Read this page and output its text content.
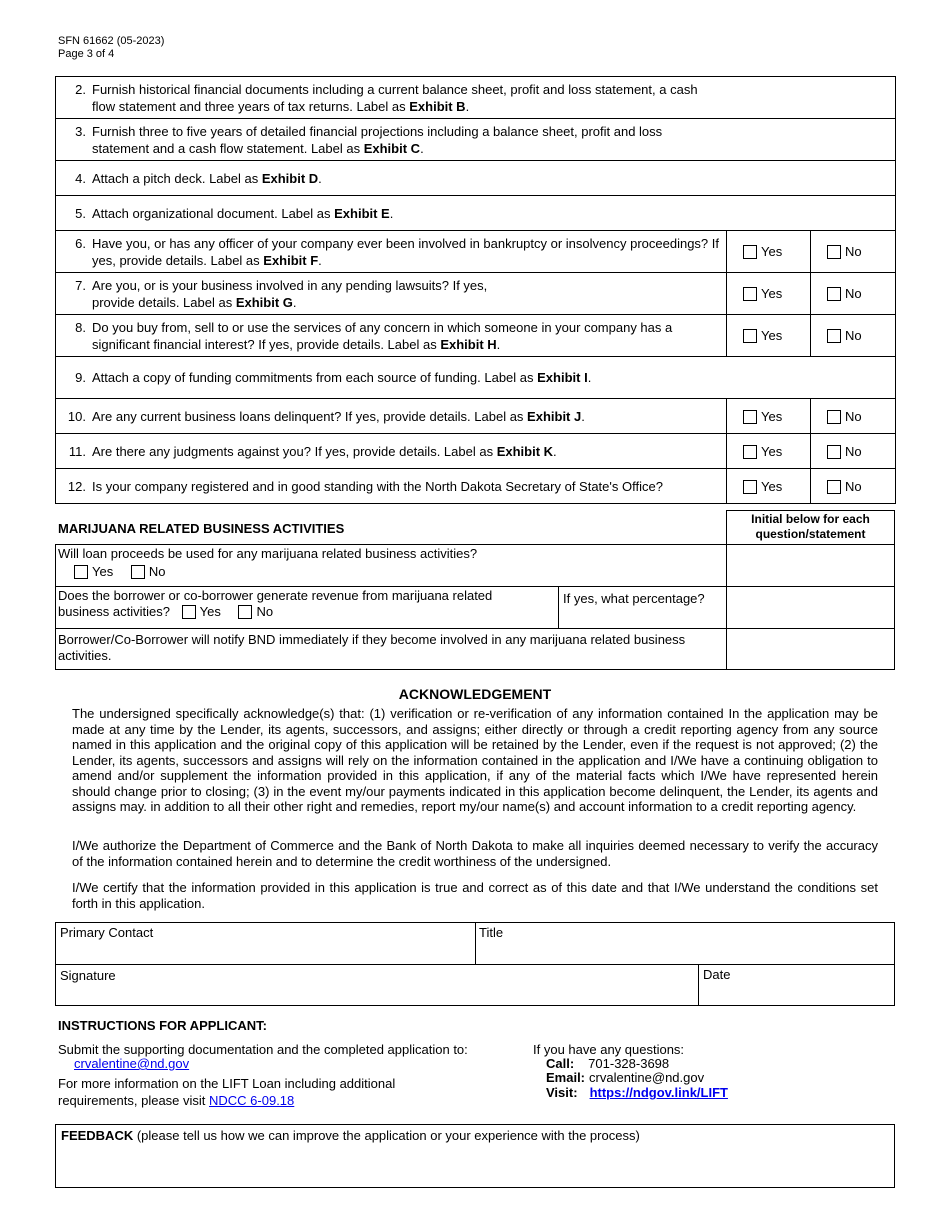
SFN 61662 (05-2023)
Page 3 of 4
2. Furnish historical financial documents including a current balance sheet, profit and loss statement, a cash flow statement and three years of tax returns. Label as Exhibit B.		

3. Furnish three to five years of detailed financial projections including a balance sheet, profit and loss statement and a cash flow statement. Label as Exhibit C.		

4. Attach a pitch deck. Label as Exhibit D.		

5. Attach organizational document. Label as Exhibit E.		

6. Have you, or has any officer of your company ever been involved in bankruptcy or insolvency proceedings? If yes, provide details. Label as Exhibit F.	Yes	No

7. Are you, or is your business involved in any pending lawsuits? If yes, provide details. Label as Exhibit G.	Yes	No

8. Do you buy from, sell to or use the services of any concern in which someone in your company has a significant financial interest? If yes, provide details. Label as Exhibit H.	Yes	No

9. Attach a copy of funding commitments from each source of funding. Label as Exhibit I.		

10. Are any current business loans delinquent? If yes, provide details. Label as Exhibit J.	Yes	No

11. Are there any judgments against you? If yes, provide details. Label as Exhibit K.	Yes	No

12. Is your company registered and in good standing with the North Dakota Secretary of State's Office?	Yes	No
MARIJUANA RELATED BUSINESS ACTIVITIES
Initial below for each question/statement
Will loan proceeds be used for any marijuana related business activities?
Yes	No
Does the borrower or co-borrower generate revenue from marijuana related business activities? Yes	No
If yes, what percentage?
Borrower/Co-Borrower will notify BND immediately if they become involved in any marijuana related business activities.
ACKNOWLEDGEMENT

The undersigned specifically acknowledge(s) that: (1) verification or re-verification of any information contained In the application may be made at any time by the Lender, its agents, successors, and assigns; either directly or through a credit reporting agency from any source named in this application and the original copy of this application will be retained by the Lender, even if the request is not approved; (2) the Lender, its agents, successors and assigns will rely on the information contained in the application and I/We have a continuing obligation to amend and/or supplement the information provided in this application, if any of the material facts which I/We have represented herein should change prior to closing; (3) in the event my/our payments indicated in this application become delinquent, the Lender, its agents and assigns may. in addition to all their other right and remedies, report my/our name(s) and account information to a credit reporting agency.

I/We authorize the Department of Commerce and the Bank of North Dakota to make all inquiries deemed necessary to verify the accuracy of the information contained herein and to determine the credit worthiness of the undersigned.

I/We certify that the information provided in this application is true and correct as of this date and that I/We understand the conditions set forth in this application.

Primary Contact	Title
Signature	Date
INSTRUCTIONS FOR APPLICANT:
Submit the supporting documentation and the completed application to:
crvalentine@nd.gov
For more information on the LIFT Loan including additional
requirements, please visit NDCC 6-09.18
If you have any questions:
Call: 701-328-3698
Email: crvalentine@nd.gov
Visit: https://ndgov.link/LIFT
FEEDBACK (please tell us how we can improve the application or your experience with the process)
